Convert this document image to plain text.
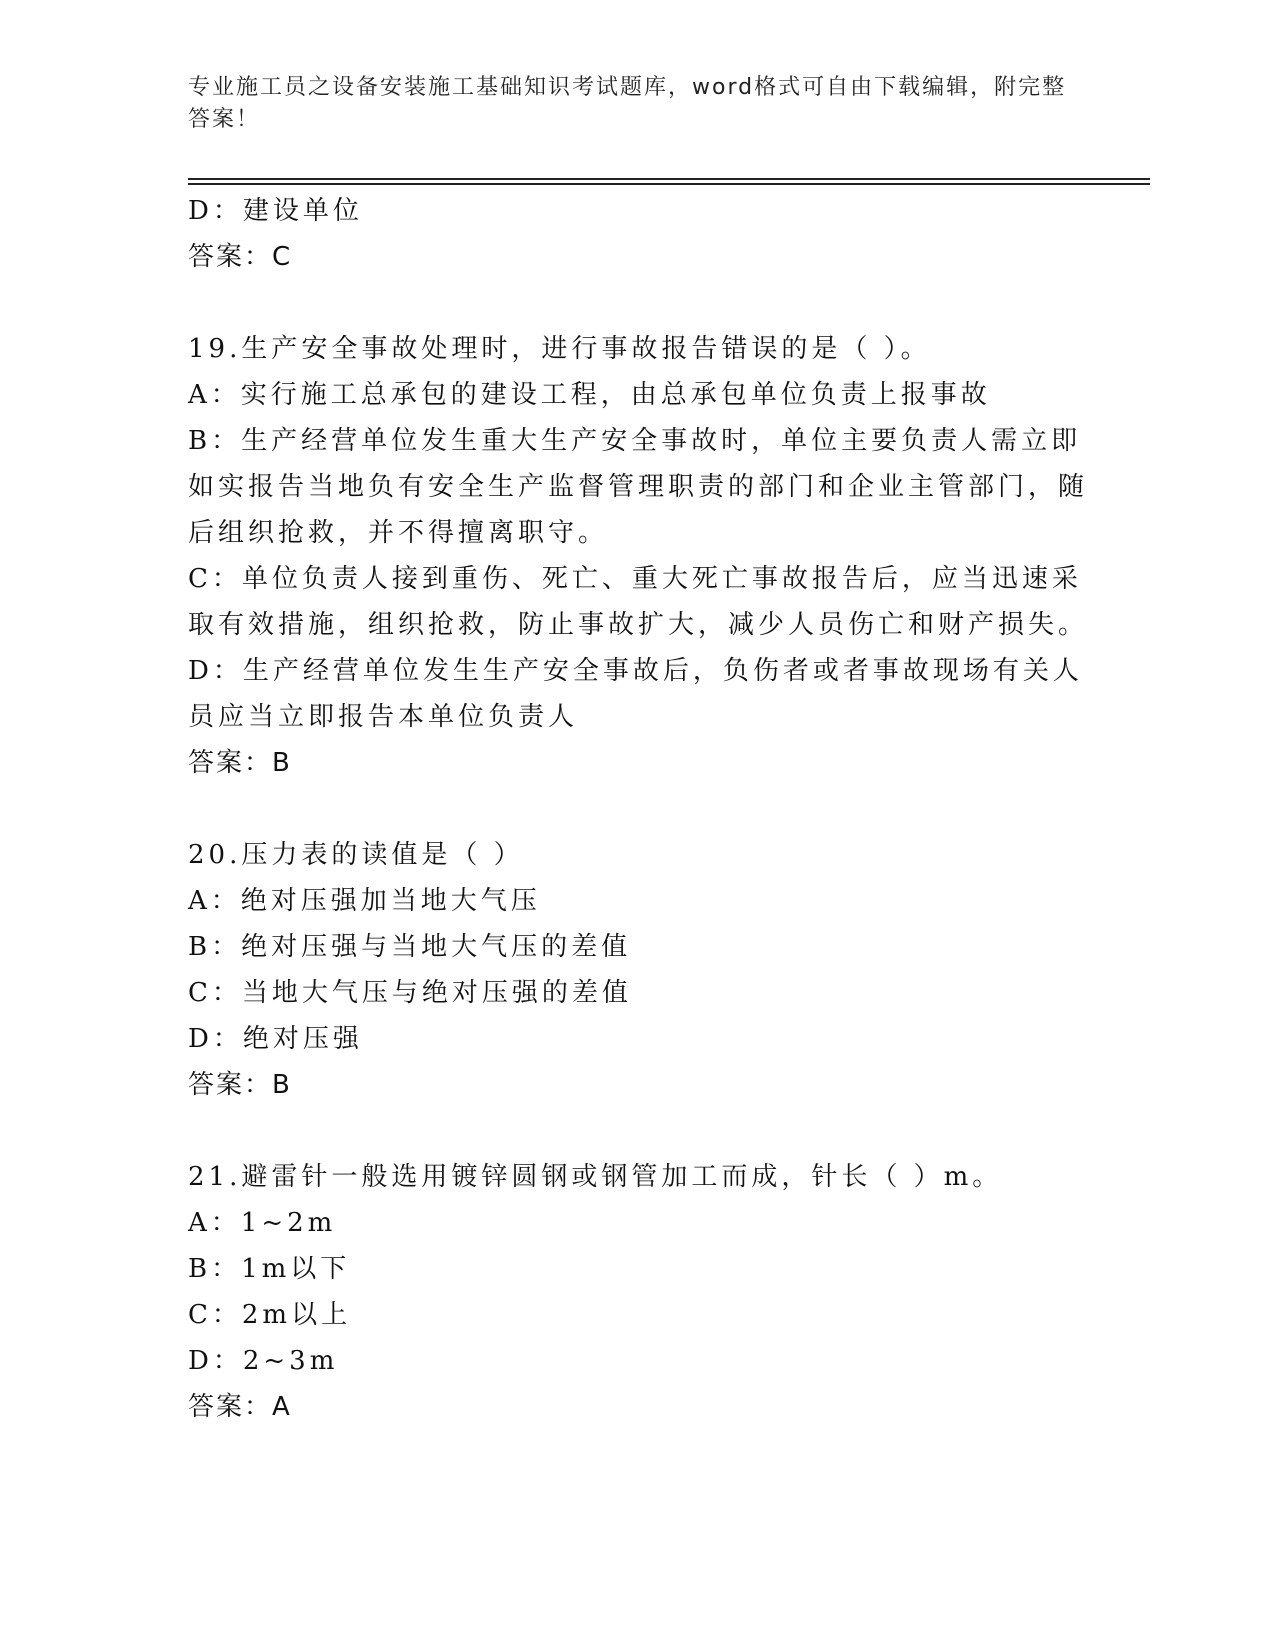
专业施工员之设备安装施工基础知识考试题库，word格式可自由下载编辑，附完整答案！
D：建设单位
答案：C
19.生产安全事故处理时，进行事故报告错误的是（ ）。
A：实行施工总承包的建设工程，由总承包单位负责上报事故
B：生产经营单位发生重大生产安全事故时，单位主要负责人需立即如实报告当地负有安全生产监督管理职责的部门和企业主管部门，随后组织抢救，并不得擅离职守。
C：单位负责人接到重伤、死亡、重大死亡事故报告后，应当迅速采取有效措施，组织抢救，防止事故扩大，减少人员伤亡和财产损失。
D：生产经营单位发生生产安全事故后，负伤者或者事故现场有关人员应当立即报告本单位负责人
答案：B
20.压力表的读值是（ ）
A：绝对压强加当地大气压
B：绝对压强与当地大气压的差值
C：当地大气压与绝对压强的差值
D：绝对压强
答案：B
21.避雷针一般选用镀锌圆钢或钢管加工而成，针长（ ）m。
A：1~2m
B：1m以下
C：2m以上
D：2~3m
答案：A
